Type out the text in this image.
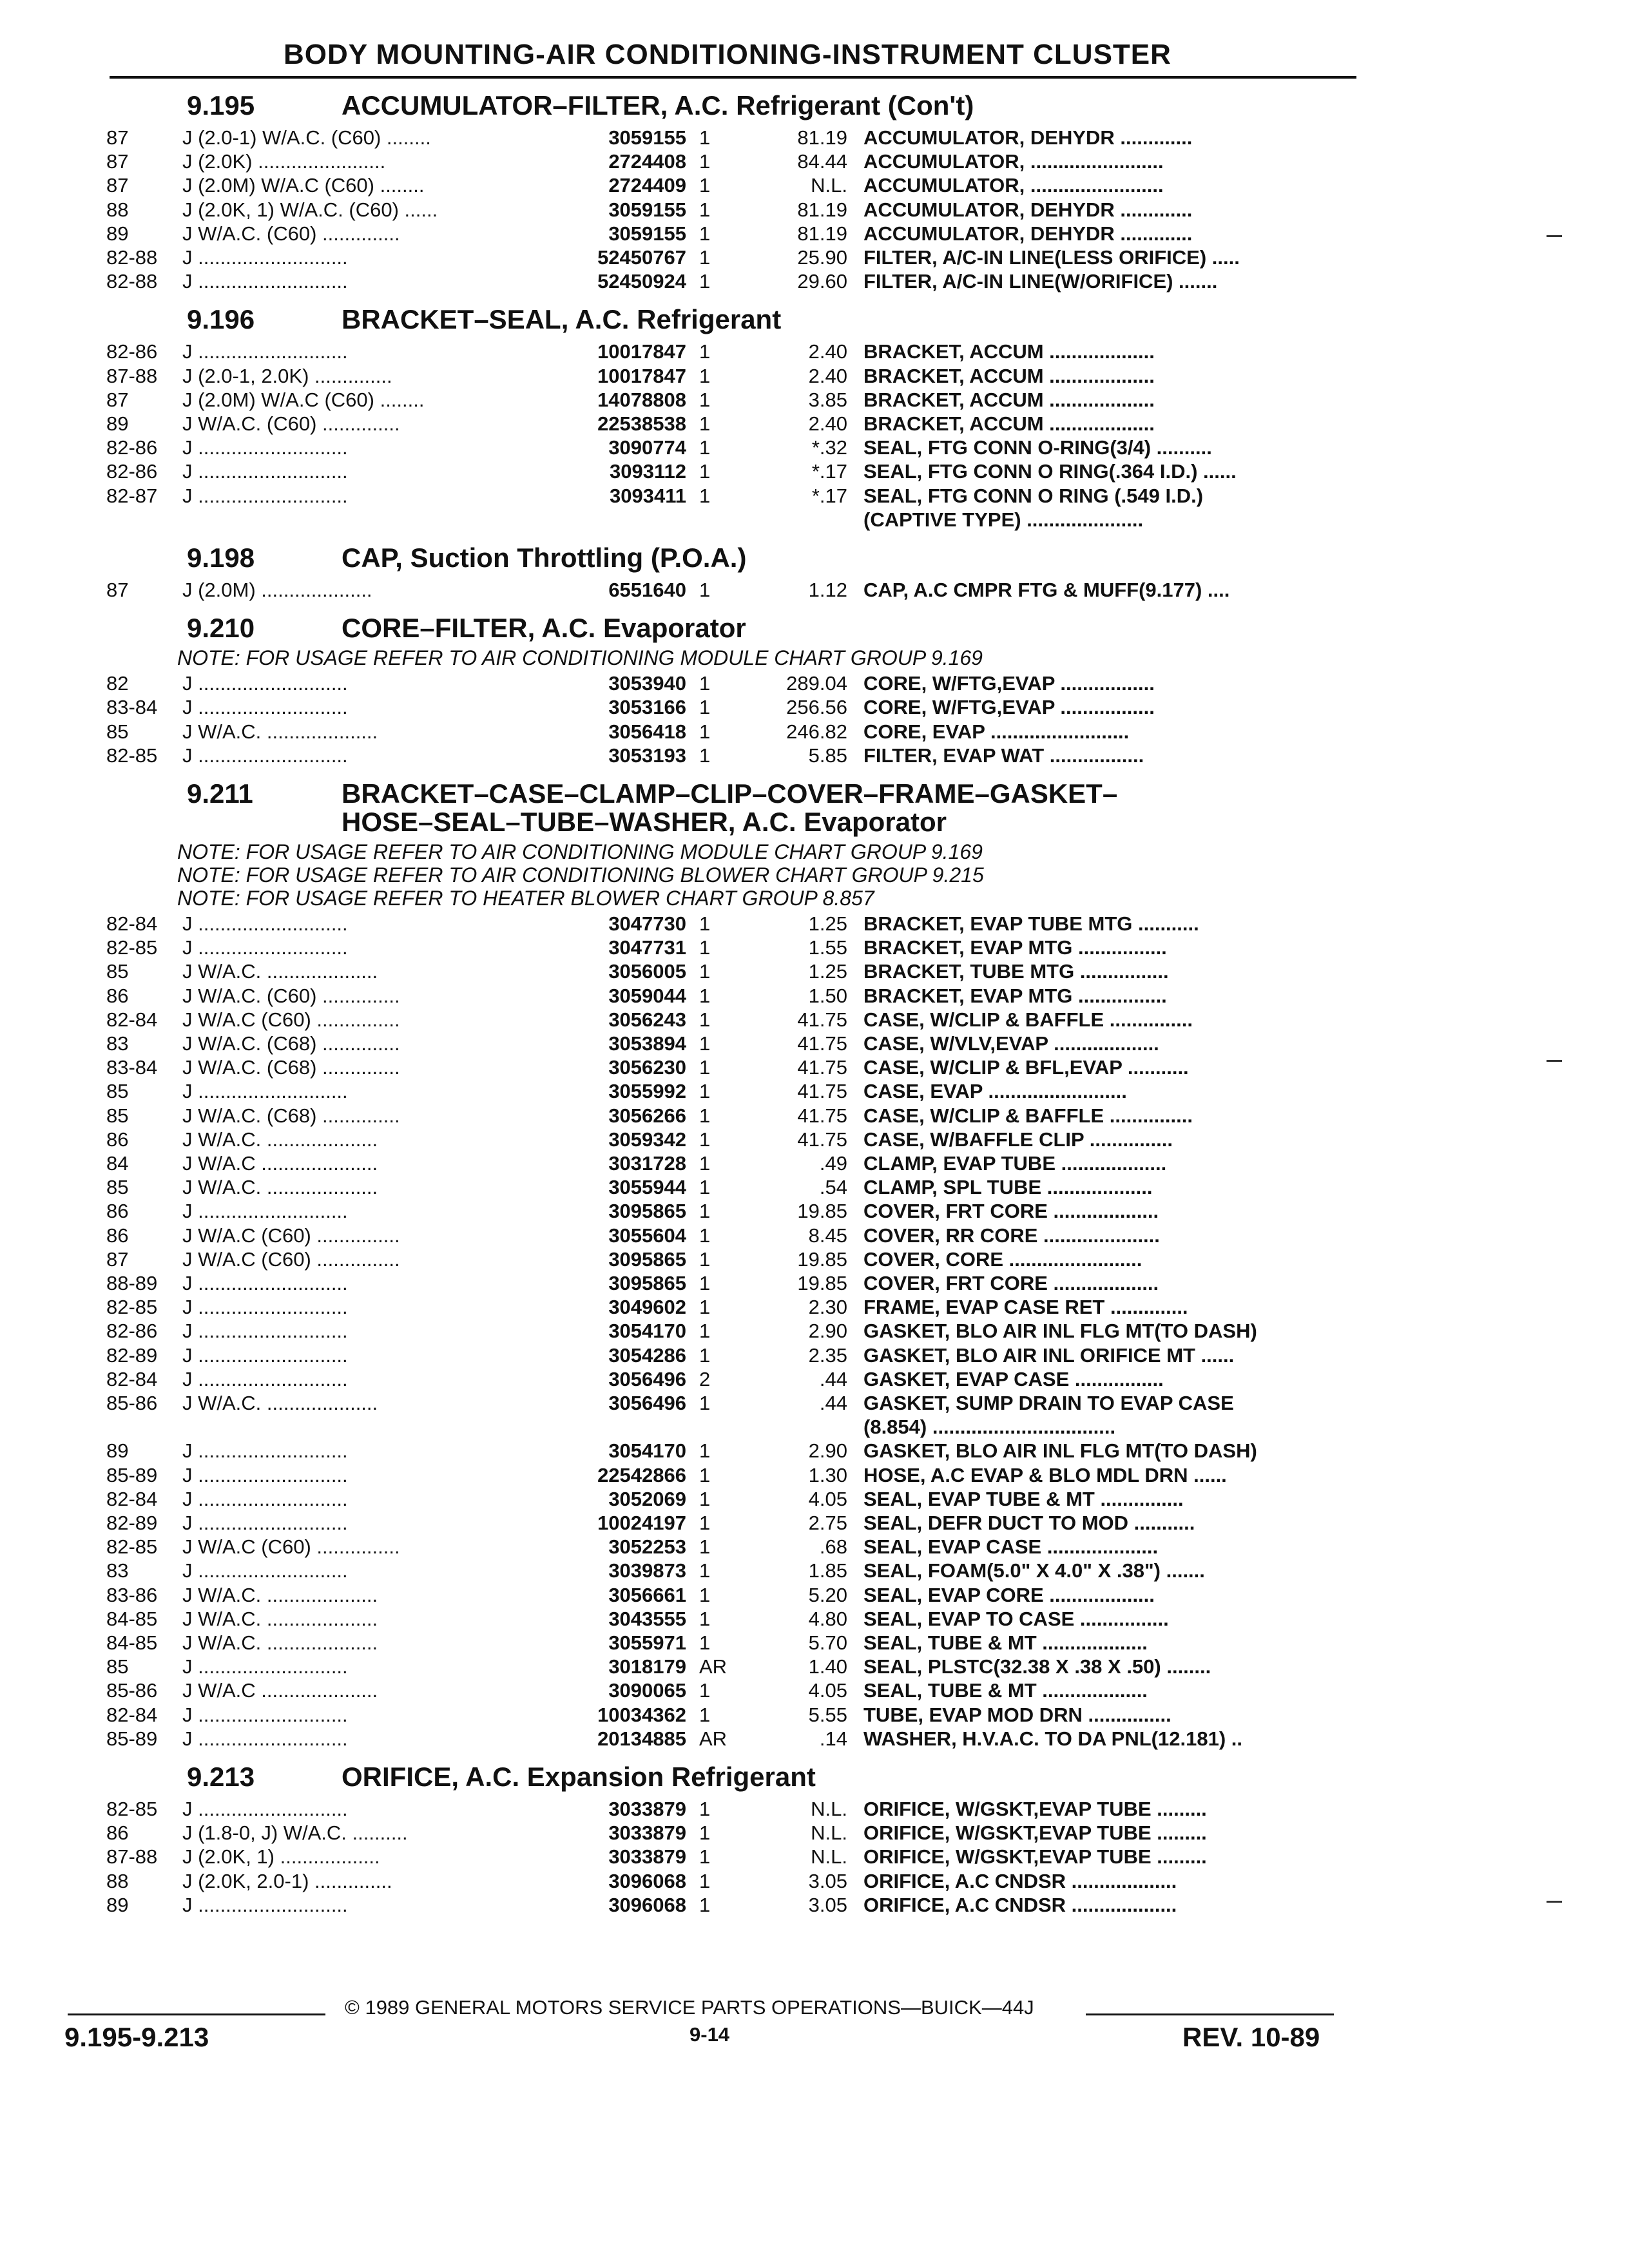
BODY MOUNTING-AIR CONDITIONING-INSTRUMENT CLUSTER
9.195	ACCUMULATOR–FILTER, A.C. Refrigerant (Con't)
87	J (2.0-1) W/A.C. (C60) ........	3059155 1	81.19 ACCUMULATOR, DEHYDR .............
87	J (2.0K) .......................	2724408 1	84.44 ACCUMULATOR, ........................
87	J (2.0M) W/A.C (C60) ........	2724409 1	N.L. ACCUMULATOR, ........................
88	J (2.0K, 1) W/A.C. (C60) ......	3059155 1	81.19 ACCUMULATOR, DEHYDR .............
89	J W/A.C. (C60) ..............	3059155 1	81.19 ACCUMULATOR, DEHYDR .............
82-88	J ...........................	52450767 1	25.90 FILTER, A/C-IN LINE(LESS ORIFICE) .....
82-88	J ...........................	52450924 1	29.60 FILTER, A/C-IN LINE(W/ORIFICE) .......
9.196	BRACKET–SEAL, A.C. Refrigerant
82-86	J ...........................	10017847 1	2.40 BRACKET, ACCUM ...................
87-88	J (2.0-1, 2.0K) ..............	10017847 1	2.40 BRACKET, ACCUM ...................
87	J (2.0M) W/A.C (C60) ........	14078808 1	3.85 BRACKET, ACCUM ...................
89	J W/A.C. (C60) ..............	22538538 1	2.40 BRACKET, ACCUM ...................
82-86	J ...........................	3090774 1	*.32 SEAL, FTG CONN O-RING(3/4) ..........
82-86	J ...........................	3093112 1	*.17 SEAL, FTG CONN O RING(.364 I.D.) ......
82-87	J ...........................	3093411 1	*.17 SEAL, FTG CONN O RING (.549 I.D.)
(CAPTIVE TYPE) .....................
9.198	CAP, Suction Throttling (P.O.A.)
87	J (2.0M) ....................	6551640 1	1.12 CAP, A.C CMPR FTG & MUFF(9.177) ....
9.210	CORE–FILTER, A.C. Evaporator
NOTE: FOR USAGE REFER TO AIR CONDITIONING MODULE CHART GROUP 9.169
82	J ...........................	3053940 1	289.04 CORE, W/FTG,EVAP .................
83-84	J ...........................	3053166 1	256.56 CORE, W/FTG,EVAP .................
85	J W/A.C. ....................	3056418 1	246.82 CORE, EVAP .........................
82-85	J ...........................	3053193 1	5.85 FILTER, EVAP WAT .................
9.211	BRACKET–CASE–CLAMP–CLIP–COVER–FRAME–GASKET–
HOSE–SEAL–TUBE–WASHER, A.C. Evaporator
NOTE: FOR USAGE REFER TO AIR CONDITIONING MODULE CHART GROUP 9.169
NOTE: FOR USAGE REFER TO AIR CONDITIONING BLOWER CHART GROUP 9.215
NOTE: FOR USAGE REFER TO HEATER BLOWER CHART GROUP 8.857
82-84	J ...........................	3047730 1	1.25 BRACKET, EVAP TUBE MTG ...........
82-85	J ...........................	3047731 1	1.55 BRACKET, EVAP MTG ................
85	J W/A.C. ....................	3056005 1	1.25 BRACKET, TUBE MTG ................
86	J W/A.C. (C60) ..............	3059044 1	1.50 BRACKET, EVAP MTG ................
82-84	J W/A.C (C60) ...............	3056243 1	41.75 CASE, W/CLIP & BAFFLE ...............
83	J W/A.C. (C68) ..............	3053894 1	41.75 CASE, W/VLV,EVAP ...................
83-84	J W/A.C. (C68) ..............	3056230 1	41.75 CASE, W/CLIP & BFL,EVAP ...........
85	J ...........................	3055992 1	41.75 CASE, EVAP .........................
85	J W/A.C. (C68) ..............	3056266 1	41.75 CASE, W/CLIP & BAFFLE ...............
86	J W/A.C. ....................	3059342 1	41.75 CASE, W/BAFFLE CLIP ...............
84	J W/A.C .....................	3031728 1	.49 CLAMP, EVAP TUBE ...................
85	J W/A.C. ....................	3055944 1	.54 CLAMP, SPL TUBE ...................
86	J ...........................	3095865 1	19.85 COVER, FRT CORE ...................
86	J W/A.C (C60) ...............	3055604 1	8.45 COVER, RR CORE .....................
87	J W/A.C (C60) ...............	3095865 1	19.85 COVER, CORE ........................
88-89	J ...........................	3095865 1	19.85 COVER, FRT CORE ...................
82-85	J ...........................	3049602 1	2.30 FRAME, EVAP CASE RET ..............
82-86	J ...........................	3054170 1	2.90 GASKET, BLO AIR INL FLG MT(TO DASH)
82-89	J ...........................	3054286 1	2.35 GASKET, BLO AIR INL ORIFICE MT ......
82-84	J ...........................	3056496 2	.44 GASKET, EVAP CASE ................
85-86	J W/A.C. ....................	3056496 1	.44 GASKET, SUMP DRAIN TO EVAP CASE
(8.854) .................................
89	J ...........................	3054170 1	2.90 GASKET, BLO AIR INL FLG MT(TO DASH)
85-89	J ...........................	22542866 1	1.30 HOSE, A.C EVAP & BLO MDL DRN ......
82-84	J ...........................	3052069 1	4.05 SEAL, EVAP TUBE & MT ...............
82-89	J ...........................	10024197 1	2.75 SEAL, DEFR DUCT TO MOD ...........
82-85	J W/A.C (C60) ...............	3052253 1	.68 SEAL, EVAP CASE ....................
83	J ...........................	3039873 1	1.85 SEAL, FOAM(5.0" X 4.0" X .38") .......
83-86	J W/A.C. ....................	3056661 1	5.20 SEAL, EVAP CORE ...................
84-85	J W/A.C. ....................	3043555 1	4.80 SEAL, EVAP TO CASE ................
84-85	J W/A.C. ....................	3055971 1	5.70 SEAL, TUBE & MT ...................
85	J ...........................	3018179 AR	1.40 SEAL, PLSTC(32.38 X .38 X .50) ........
85-86	J W/A.C .....................	3090065 1	4.05 SEAL, TUBE & MT ...................
82-84	J ...........................	10034362 1	5.55 TUBE, EVAP MOD DRN ...............
85-89	J ...........................	20134885 AR	.14 WASHER, H.V.A.C. TO DA PNL(12.181) ..
9.213	ORIFICE, A.C. Expansion Refrigerant
82-85	J ...........................	3033879 1	N.L. ORIFICE, W/GSKT,EVAP TUBE .........
86	J (1.8-0, J) W/A.C. ..........	3033879 1	N.L. ORIFICE, W/GSKT,EVAP TUBE .........
87-88	J (2.0K, 1) ..................	3033879 1	N.L. ORIFICE, W/GSKT,EVAP TUBE .........
88	J (2.0K, 2.0-1) ..............	3096068 1	3.05 ORIFICE, A.C CNDSR ...................
89	J ...........................	3096068 1	3.05 ORIFICE, A.C CNDSR ...................
© 1989 GENERAL MOTORS SERVICE PARTS OPERATIONS—BUICK—44J
9.195-9.213	9-14	REV. 10-89
